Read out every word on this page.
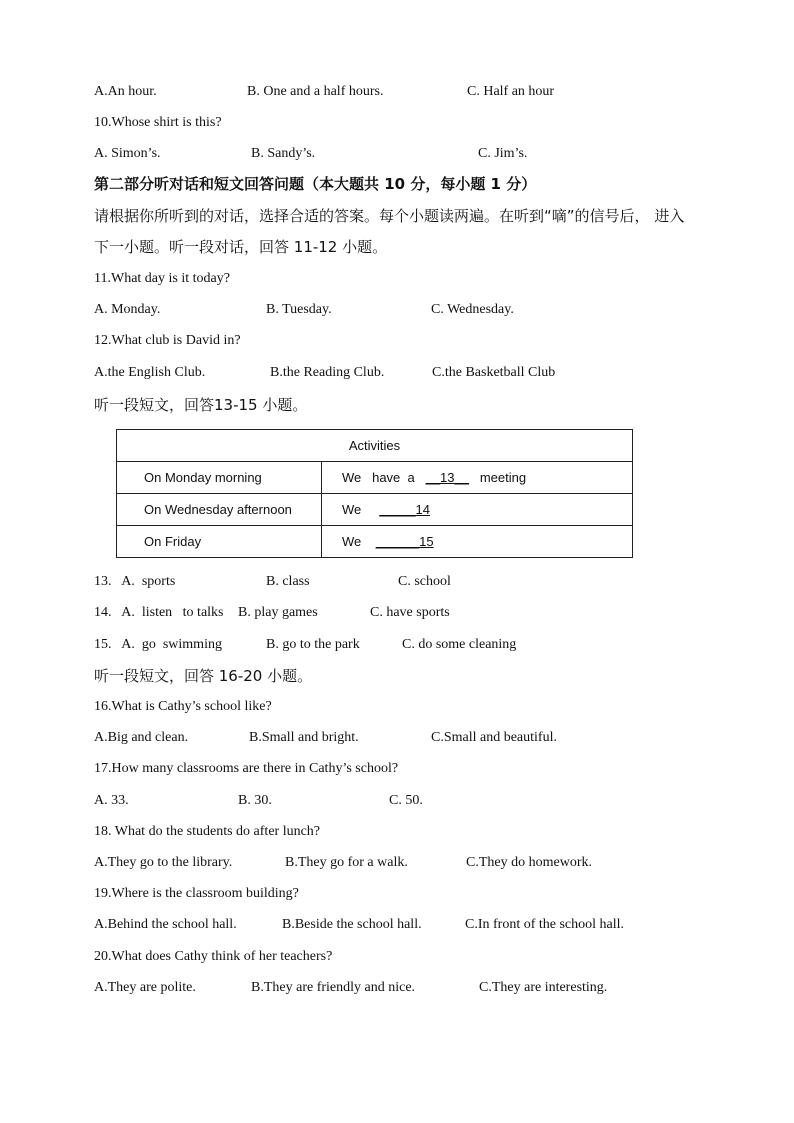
A.An hour.	B. One and a half hours.	C. Half an hour
10.Whose shirt is this?
A. Simon’s.	B. Sandy’s.	C. Jim’s.
第二部分听对话和短文回答问题（本大题共 10 分，每小题 1 分）
请根据你所听到的对话，选择合适的答案。每个小题读两遍。在听到“嘀”的信号后， 进入
下一小题。听一段对话，回答 11-12 小题。
11.What day is it today?
A. Monday.	B. Tuesday.	C. Wednesday.
12.What club is David in?
A.the English Club.	B.the Reading Club.	C.the Basketball Club
听一段短文，回答13-15 小题。
Activities	
On Monday morning	We   have  a   __13__   meeting
On Wednesday afternoon	We     _____14
On Friday	We    ______15
13.   A.  sports	B. class	C. school
14.   A.  listen   to talks B. play games	C. have sports
15.   A.  go  swimming	B. go to the park	C. do some cleaning
听一段短文，回答 16-20 小题。
16.What is Cathy’s school like?
A.Big and clean.	B.Small and bright.	C.Small and beautiful.
17.How many classrooms are there in Cathy’s school?
A. 33.	B. 30.	C. 50.
18. What do the students do after lunch?
A.They go to the library.	B.They go for a walk.	C.They do homework.
19.Where is the classroom building?
A.Behind the school hall.	B.Beside the school hall.	C.In front of the school hall.
20.What does Cathy think of her teachers?
A.They are polite.	B.They are friendly and nice.	C.They are interesting.
